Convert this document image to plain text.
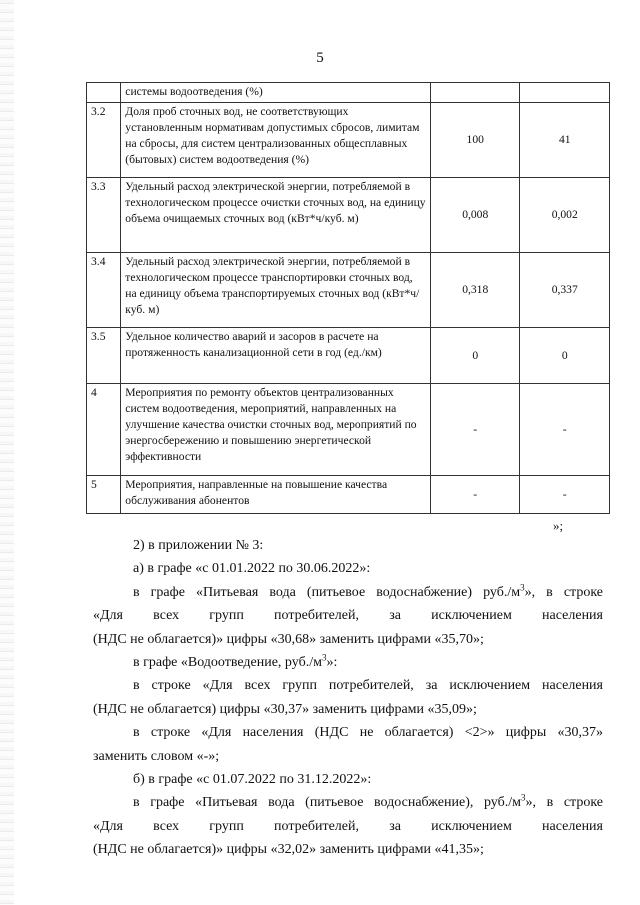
5
	системы водоотведения (%)		
3.2	Доля проб сточных вод, не соответствующих установленным нормативам допустимых сбросов, лимитам на сбросы, для систем централизованных общесплавных (бытовых) систем водоотведения (%)	100	41
3.3	Удельный расход электрической энергии, потребляемой в технологическом процессе очистки сточных вод, на единицу объема очищаемых сточных вод (кВт*ч/куб. м)	0,008	0,002
3.4	Удельный расход электрической энергии, потребляемой в технологическом процессе транспортировки сточных вод, на единицу объема транспортируемых сточных вод (кВт*ч/куб. м)	0,318	0,337
3.5	Удельное количество аварий и засоров в расчете на протяженность канализационной сети в год (ед./км)	0	0
4	Мероприятия по ремонту объектов централизованных систем водоотведения, мероприятий, направленных на улучшение качества очистки сточных вод, мероприятий по энергосбережению и повышению энергетической эффективности	-	-
5	Мероприятия, направленные на повышение качества обслуживания абонентов	-	-
»;

2) в приложении № 3:

а) в графе «с 01.01.2022 по 30.06.2022»:

в графе «Питьевая вода (питьевое водоснабжение) $руб./м^3$», в строке

«Для всех групп потребителей, за исключением населения

(НДС не облагается)» цифры «30,68» заменить цифрами «35,70»;

в графе «Водоотведение, $руб./м^3$»:

в строке «Для всех групп потребителей, за исключением населения

(НДС не облагается) цифры «30,37» заменить цифрами «35,09»;

в строке «Для населения (НДС не облагается) <2>» цифры «30,37»

заменить словом «-»;

б) в графе «с 01.07.2022 по 31.12.2022»:

в графе «Питьевая вода (питьевое водоснабжение), $руб./м^3$», в строке

«Для всех групп потребителей, за исключением населения

(НДС не облагается)» цифры «32,02» заменить цифрами «41,35»;
